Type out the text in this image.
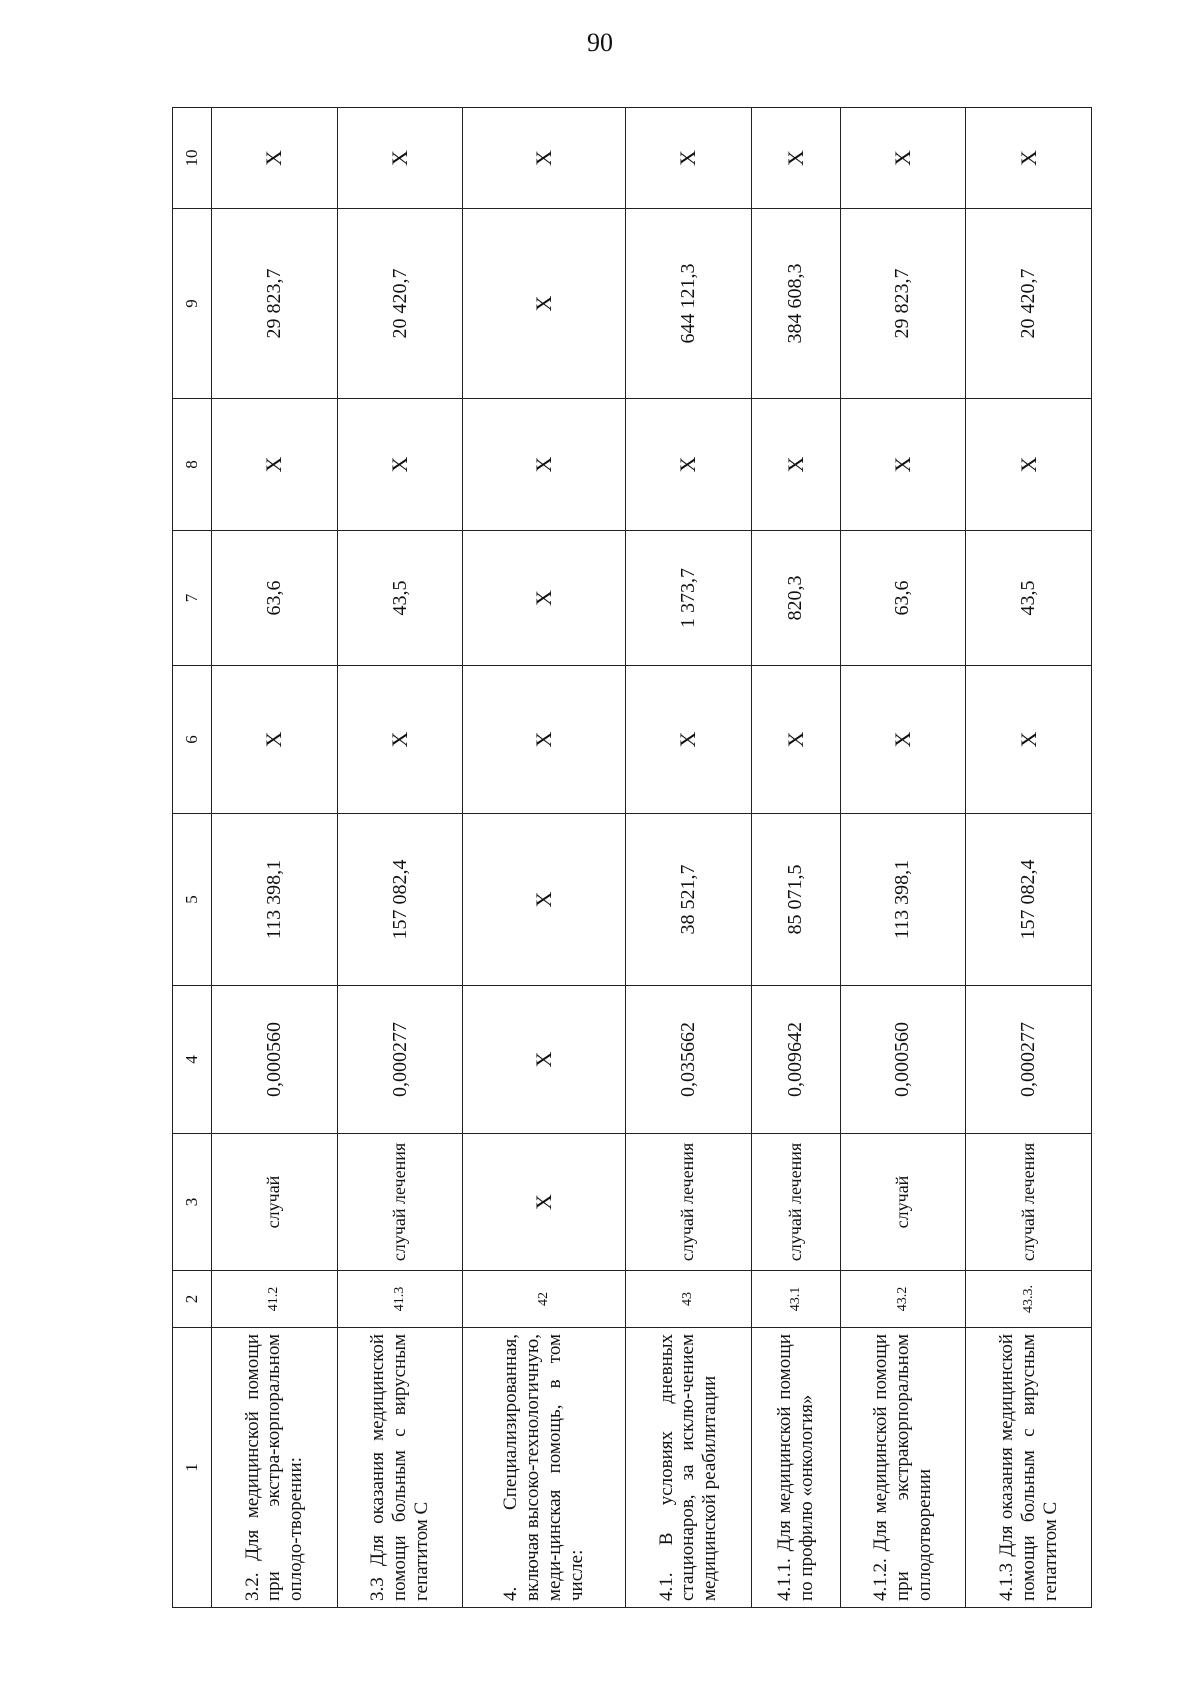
90
1	2	3	4	5	6	7	8	9	10
3.2. Для медицинской помощи при экстра-корпоральном оплодо-творении:	41.2	случай	0,000560	113 398,1	X	63,6	X	29 823,7	X
3.3 Для оказания медицинской помощи больным с вирусным гепатитом С	41.3	случай лечения	0,000277	157 082,4	X	43,5	X	20 420,7	X
4. Специализированная, включая высоко-технологичную, меди-цинская помощь, в том числе:	42	X	X	X	X	X	X	X	X
4.1. В условиях дневных стационаров, за исклю-чением медицинской реабилитации	43	случай лечения	0,035662	38 521,7	X	1 373,7	X	644 121,3	X
4.1.1. Для медицинской помощи по профилю «онкология»	43.1	случай лечения	0,009642	85 071,5	X	820,3	X	384 608,3	X
4.1.2. Для медицинской помощи при экстракорпоральном оплодотворении	43.2	случай	0,000560	113 398,1	X	63,6	X	29 823,7	X
4.1.3 Для оказания медицинской помощи больным с вирусным гепатитом С	43.3.	случай лечения	0,000277	157 082,4	X	43,5	X	20 420,7	X
